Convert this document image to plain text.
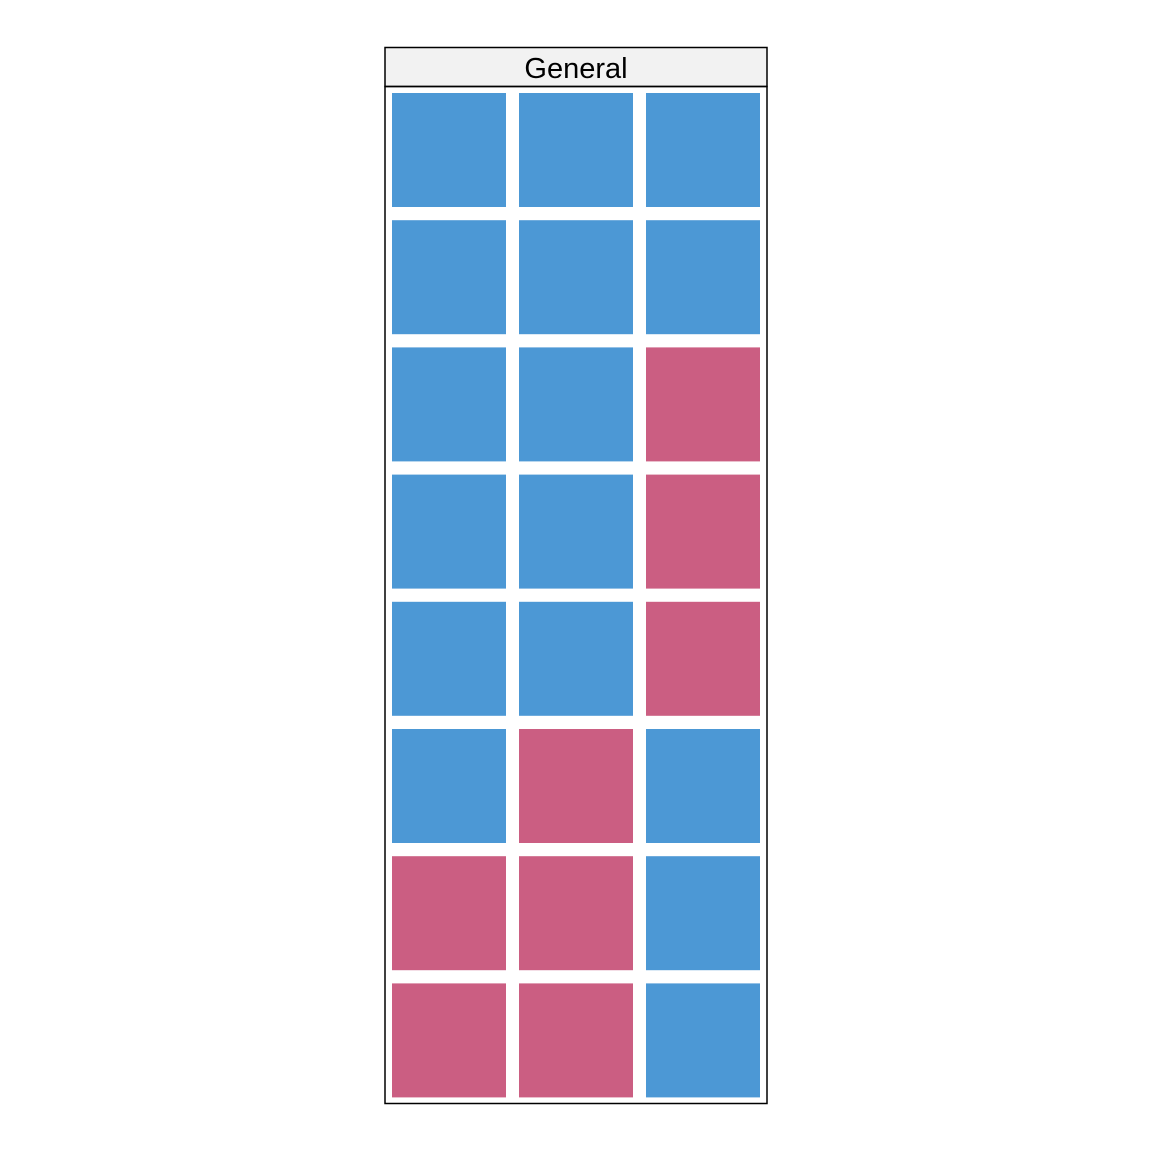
General
